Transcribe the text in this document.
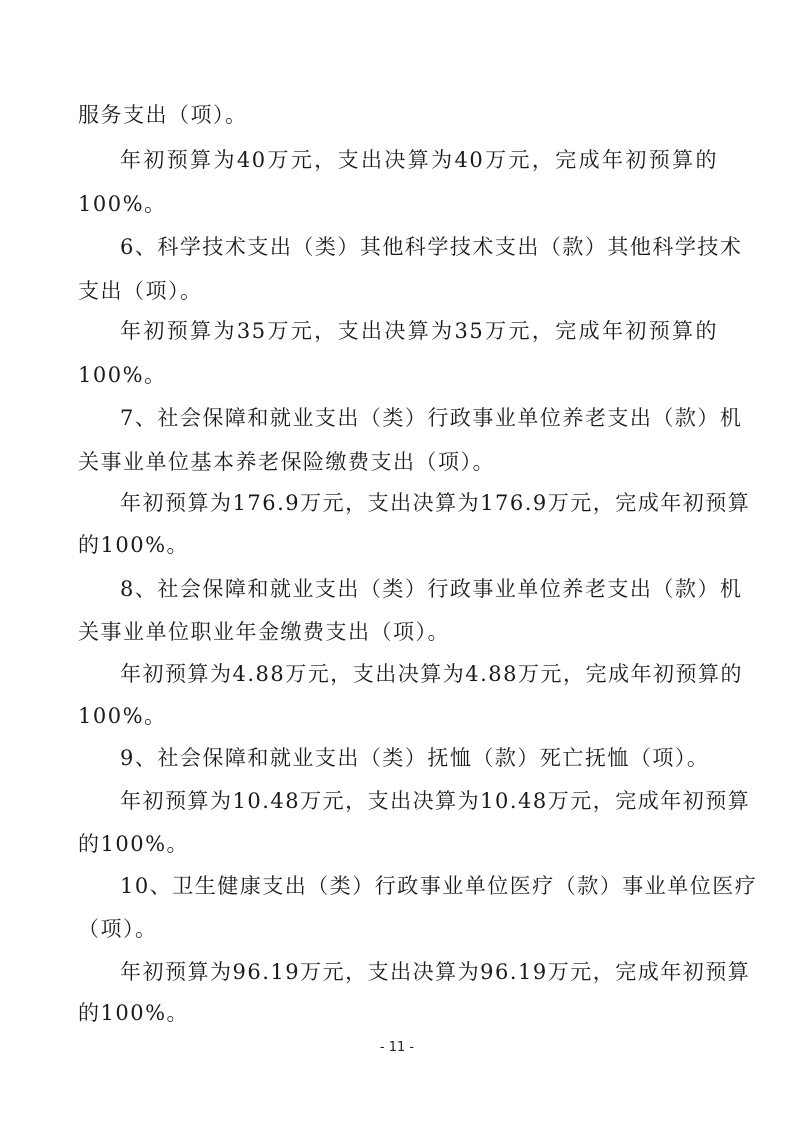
服务支出（项）。
年初预算为40万元，支出决算为40万元，完成年初预算的
100%。
6、科学技术支出（类）其他科学技术支出（款）其他科学技术
支出（项）。
年初预算为35万元，支出决算为35万元，完成年初预算的
100%。
7、社会保障和就业支出（类）行政事业单位养老支出（款）机
关事业单位基本养老保险缴费支出（项）。
年初预算为176.9万元，支出决算为176.9万元，完成年初预算
的100%。
8、社会保障和就业支出（类）行政事业单位养老支出（款）机
关事业单位职业年金缴费支出（项）。
年初预算为4.88万元，支出决算为4.88万元，完成年初预算的
100%。
9、社会保障和就业支出（类）抚恤（款）死亡抚恤（项）。
年初预算为10.48万元，支出决算为10.48万元，完成年初预算
的100%。
10、卫生健康支出（类）行政事业单位医疗（款）事业单位医疗
（项）。
年初预算为96.19万元，支出决算为96.19万元，完成年初预算
的100%。
- 11 -
